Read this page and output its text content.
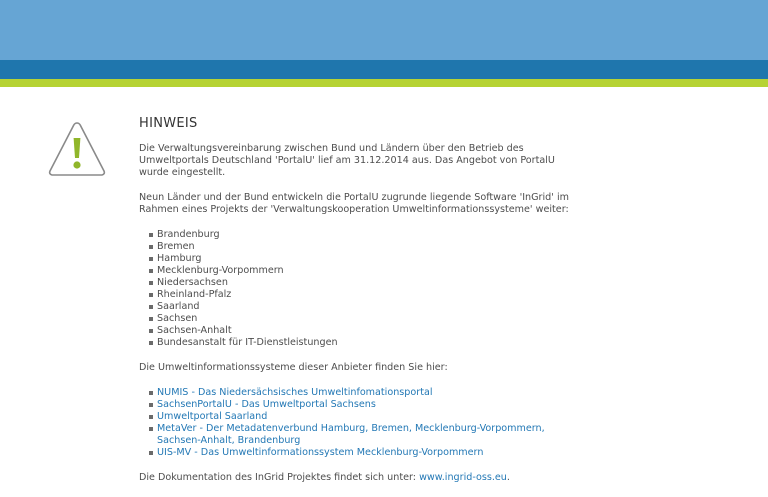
HINWEIS

Die Verwaltungsvereinbarung zwischen Bund und Ländern über den Betrieb des Umweltportals Deutschland 'PortalU' lief am 31.12.2014 aus. Das Angebot von PortalU wurde eingestellt.

Neun Länder und der Bund entwickeln die PortalU zugrunde liegende Software 'InGrid' im Rahmen eines Projekts der 'Verwaltungskooperation Umweltinformationssysteme' weiter:

Brandenburg
Bremen
Hamburg
Mecklenburg-Vorpommern
Niedersachsen
Rheinland-Pfalz
Saarland
Sachsen
Sachsen-Anhalt
Bundesanstalt für IT-Dienstleistungen

Die Umweltinformationssysteme dieser Anbieter finden Sie hier:

NUMIS - Das Niedersächsisches Umweltinfomationsportal
SachsenPortalU - Das Umweltportal Sachsens
Umweltportal Saarland
MetaVer - Der Metadatenverbund Hamburg, Bremen, Mecklenburg-Vorpommern, Sachsen-Anhalt, Brandenburg
UIS-MV - Das Umweltinformationssystem Mecklenburg-Vorpommern

Die Dokumentation des InGrid Projektes findet sich unter: www.ingrid-oss.eu.
